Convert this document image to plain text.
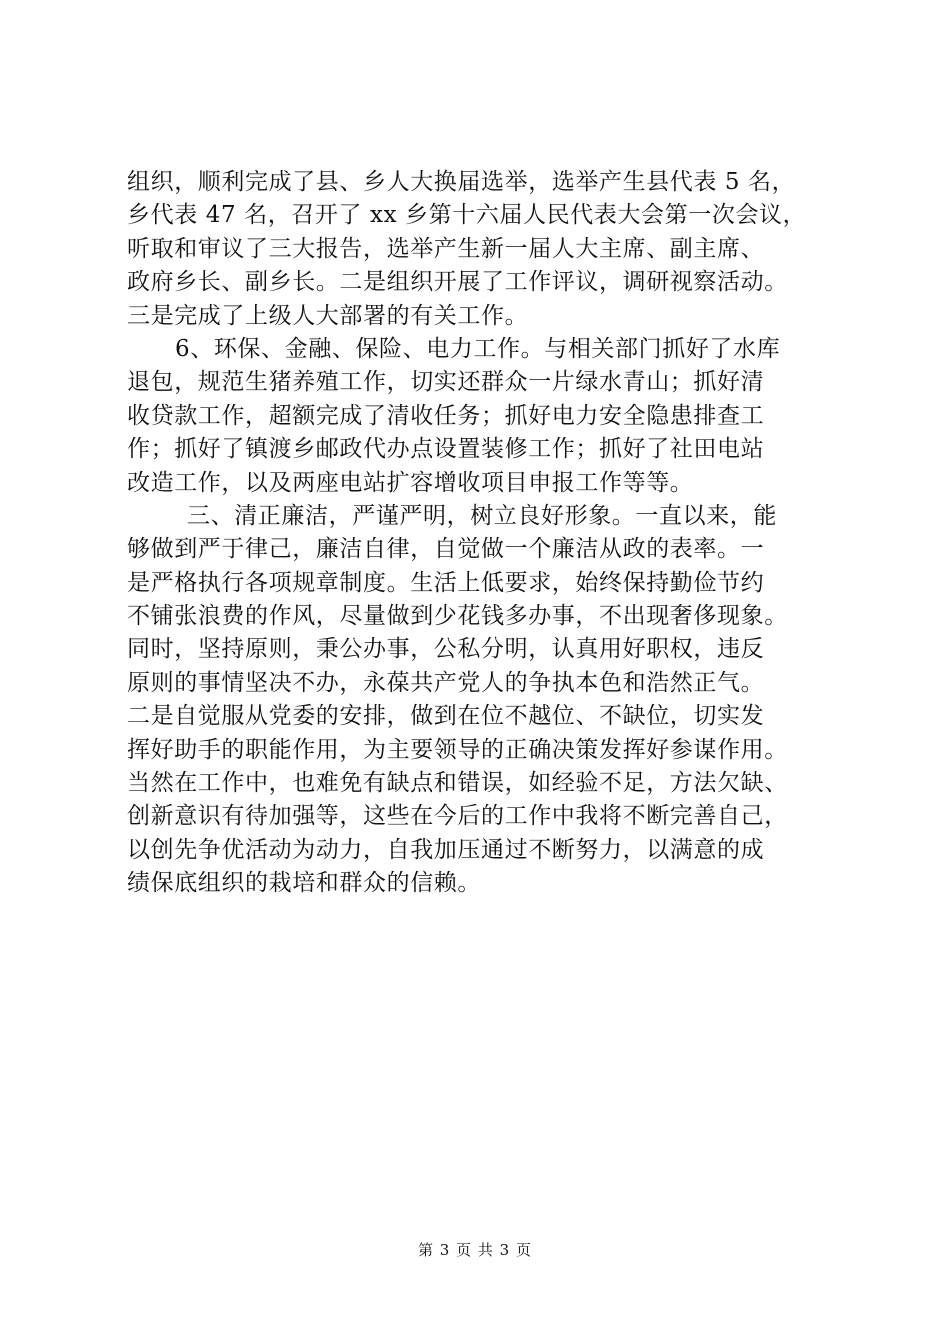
组织，顺利完成了县、乡人大换届选举，选举产生县代表 5 名，
乡代表 47 名，召开了 xx 乡第十六届人民代表大会第一次会议，
听取和审议了三大报告，选举产生新一届人大主席、副主席、
政府乡长、副乡长。二是组织开展了工作评议，调研视察活动。
三是完成了上级人大部署的有关工作。
6、环保、金融、保险、电力工作。与相关部门抓好了水库
退包，规范生猪养殖工作，切实还群众一片绿水青山；抓好清
收贷款工作，超额完成了清收任务；抓好电力安全隐患排查工
作；抓好了镇渡乡邮政代办点设置装修工作；抓好了社田电站
改造工作，以及两座电站扩容增收项目申报工作等等。
三、清正廉洁，严谨严明，树立良好形象。一直以来，能
够做到严于律己，廉洁自律，自觉做一个廉洁从政的表率。一
是严格执行各项规章制度。生活上低要求，始终保持勤俭节约
不铺张浪费的作风，尽量做到少花钱多办事，不出现奢侈现象。
同时，坚持原则，秉公办事，公私分明，认真用好职权，违反
原则的事情坚决不办，永葆共产党人的争执本色和浩然正气。
二是自觉服从党委的安排，做到在位不越位、不缺位，切实发
挥好助手的职能作用，为主要领导的正确决策发挥好参谋作用。
当然在工作中，也难免有缺点和错误，如经验不足，方法欠缺、
创新意识有待加强等，这些在今后的工作中我将不断完善自己，
以创先争优活动为动力，自我加压通过不断努力，以满意的成
绩保底组织的栽培和群众的信赖。
第 3 页 共 3 页
